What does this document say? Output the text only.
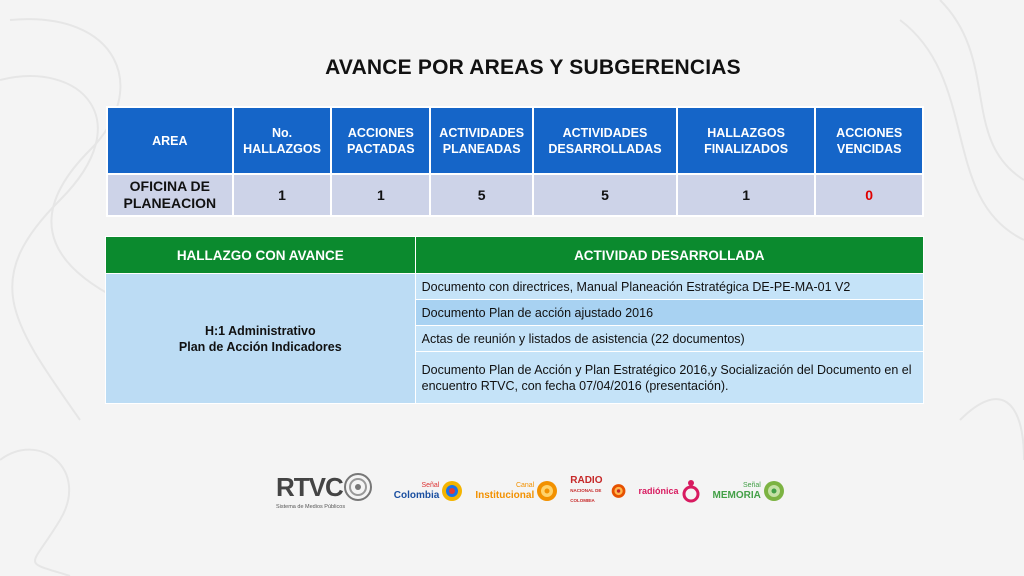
AVANCE POR AREAS Y SUBGERENCIAS
AREA	No. HALLAZGOS	ACCIONES PACTADAS	ACTIVIDADES PLANEADAS	ACTIVIDADES DESARROLLADAS	HALLAZGOS FINALIZADOS	ACCIONES VENCIDAS
OFICINA DE PLANEACION	1	1	5	5	1	0
HALLAZGO CON AVANCE	ACTIVIDAD DESARROLLADA

H:1 Administrativo
Plan de Acción Indicadores	Documento con directrices, Manual Planeación Estratégica DE-PE-MA-01 V2
	Documento Plan de acción ajustado 2016
	Actas de reunión y listados de asistencia (22 documentos)
	Documento Plan de Acción y Plan Estratégico 2016,y Socialización del Documento en el encuentro RTVC, con fecha 07/04/2016 (presentación).
RTVC
Sistema de Medios Públicos
Señal
Colombia
Canal
Institucional
RADIO
NACIONAL DE COLOMBIA
radiónica
Señal
MEMORIA
